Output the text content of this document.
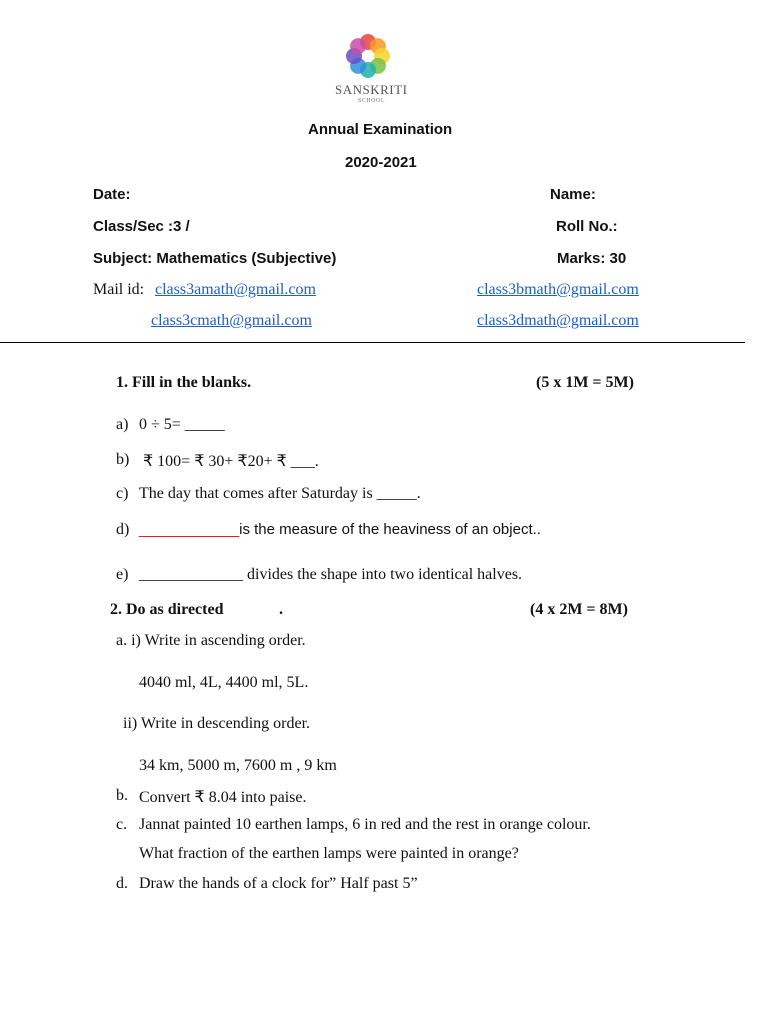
SANSKRITI
SCHOOL
Annual Examination
2020-2021
Date:	Name:
Class/Sec :3 /	Roll No.:
Subject: Mathematics (Subjective)	Marks: 30
Mail id: class3amath@gmail.com	class3bmath@gmail.com
class3cmath@gmail.com	class3dmath@gmail.com
1. Fill in the blanks.	(5 x 1M = 5M)
a) 0 ÷ 5= _____
b) ₹ 100= ₹ 30+ ₹20+ ₹ ___.
c) The day that comes after Saturday is _____.
d) ____________is the measure of the heaviness of an object..
e) _____________ divides the shape into two identical halves.
2. Do as directed	.	(4 x 2M = 8M)
a. i) Write in ascending order.
4040 ml, 4L, 4400 ml, 5L.
ii) Write in descending order.
34 km, 5000 m, 7600 m , 9 km
b. Convert ₹ 8.04 into paise.
c. Jannat painted 10 earthen lamps, 6 in red and the rest in orange colour.
What fraction of the earthen lamps were painted in orange?
d. Draw the hands of a clock for” Half past 5”
